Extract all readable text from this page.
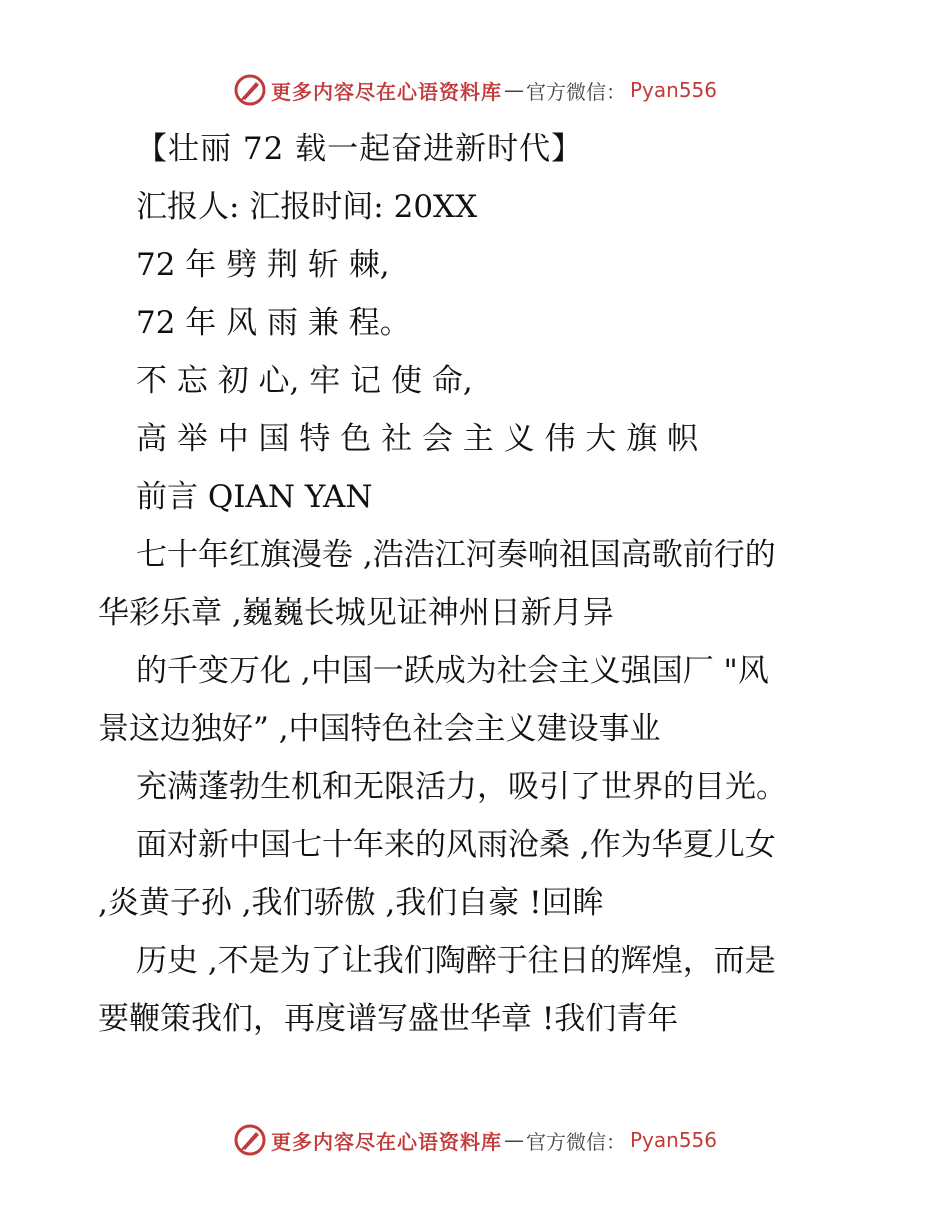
更多内容尽在心语资料库 — 官方微信： Pyan556
【壮丽 72 载一起奋进新时代】
汇报人: 汇报时间: 20XX
72 年 劈 荆 斩 棘,
72 年 风 雨 兼 程。
不 忘 初 心, 牢 记 使 命,
高 举 中 国 特 色 社 会 主 义 伟 大 旗 帜
前言 QIAN YAN
七十年红旗漫卷 ,浩浩江河奏响祖国高歌前行的
华彩乐章 ,巍巍长城见证神州日新月异
的千变万化 ,中国一跃成为社会主义强国厂 "风
景这边独好” ,中国特色社会主义建设事业
充满蓬勃生机和无限活力，吸引了世界的目光。
面对新中国七十年来的风雨沧桑 ,作为华夏儿女
,炎黄子孙 ,我们骄傲 ,我们自豪 !回眸
历史 ,不是为了让我们陶醉于往日的辉煌，而是
要鞭策我们，再度谱写盛世华章 !我们青年
更多内容尽在心语资料库 — 官方微信： Pyan556
